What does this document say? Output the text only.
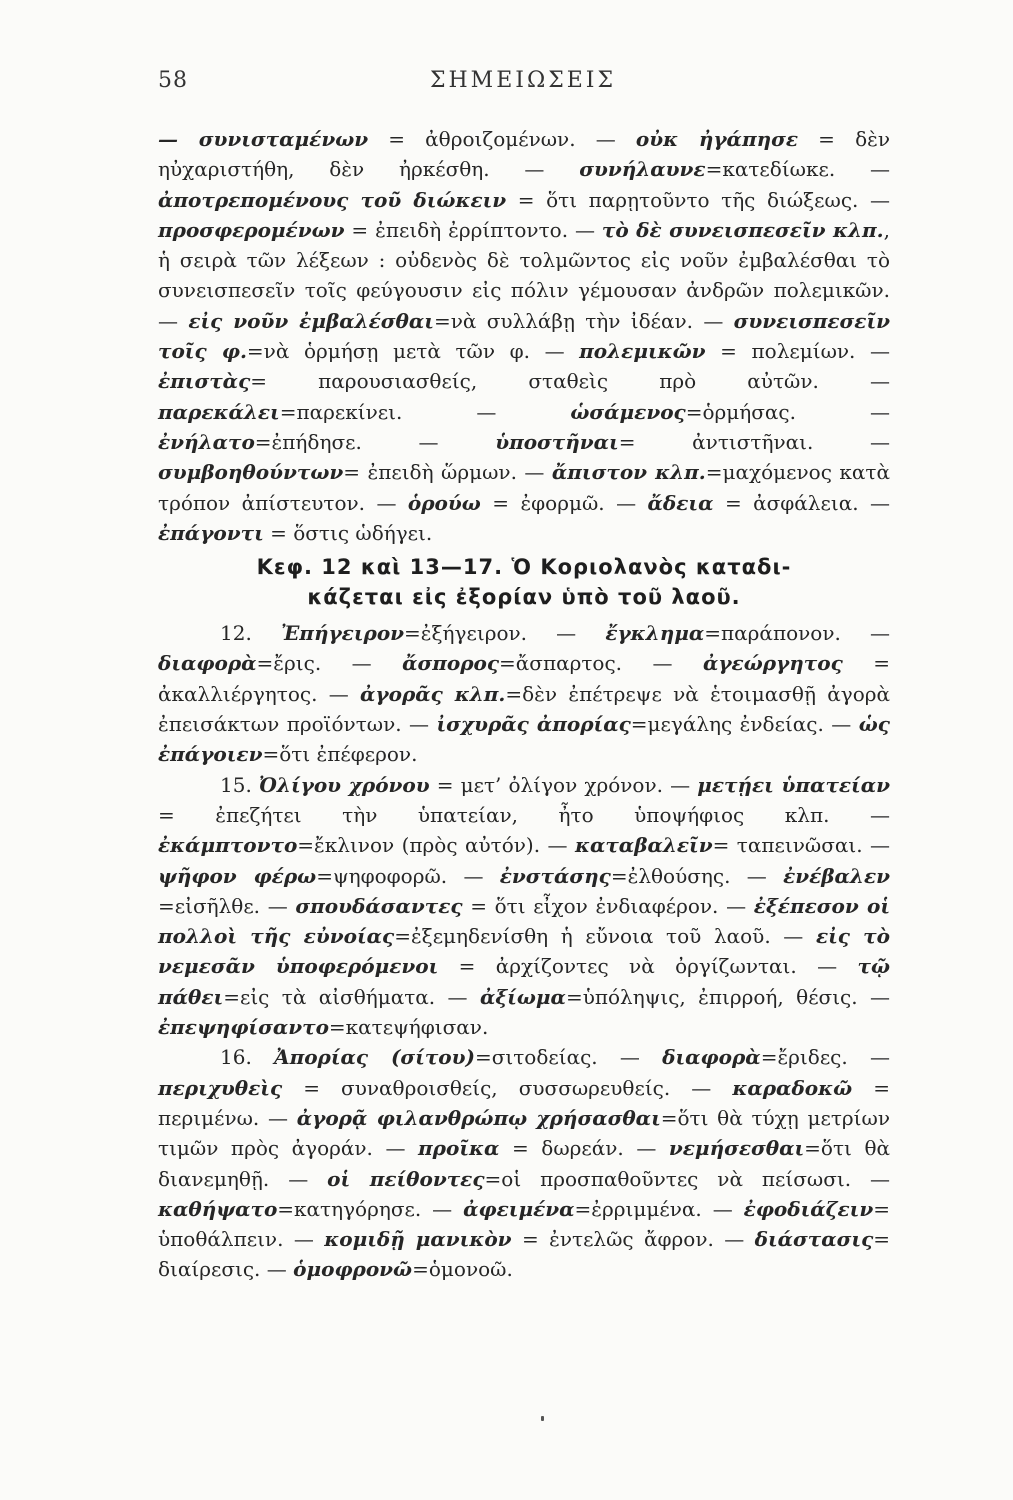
58	ΣΗΜΕΙΩΣΕΙΣ

— συνισταμένων = ἀθροιζομένων. — οὐκ ἠγάπησε = δὲν ηὐχαριστήθη, δὲν ἠρκέσθη. — συνήλαυνε=κατεδίωκε. — ἀποτρεπομένους τοῦ διώκειν = ὅτι παρῃτοῦντο τῆς διώξεως. — προσφερομένων = ἐπειδὴ ἐρρίπτοντο. — τὸ δὲ συνεισπεσεῖν κλπ., ἡ σειρὰ τῶν λέξεων : οὐδενὸς δὲ τολμῶντος εἰς νοῦν ἐμβαλέσθαι τὸ συνεισπεσεῖν τοῖς φεύγουσιν εἰς πόλιν γέμουσαν ἀνδρῶν πολεμικῶν. — εἰς νοῦν ἐμβαλέσθαι=νὰ συλλάβῃ τὴν ἰδέαν. — συνεισπεσεῖν τοῖς φ.=νὰ ὁρμήσῃ μετὰ τῶν φ. — πολεμικῶν = πολεμίων. — ἐπιστὰς= παρουσιασθείς, σταθεὶς πρὸ αὐτῶν. — παρεκάλει=παρεκίνει. — ὡσάμενος=ὁρμήσας. — ἐνήλατο=ἐπήδησε. — ὑποστῆναι= ἀντιστῆναι. — συμβοηθούντων= ἐπειδὴ ὥρμων. — ἄπιστον κλπ.=μαχόμενος κατὰ τρόπον ἀπίστευτον. — ὁρούω = ἐφορμῶ. — ἄδεια = ἀσφάλεια. — ἐπάγοντι = ὅστις ὡδήγει.

Κεφ. 12 καὶ 13—17. Ὁ Κοριολανὸς καταδι-
κάζεται εἰς ἐξορίαν ὑπὸ τοῦ λαοῦ.

12. Ἐπήγειρον=ἐξήγειρον. — ἔγκλημα=παράπονον. — διαφορὰ=ἔρις. — ἄσπορος=ἄσπαρτος. — ἀγεώργητος = ἀκαλλιέργητος. — ἀγορᾶς κλπ.=δὲν ἐπέτρεψε νὰ ἑτοιμασθῇ ἀγορὰ ἐπεισάκτων προϊόντων. — ἰσχυρᾶς ἀπορίας=μεγάλης ἐνδείας. — ὡς ἐπάγοιεν=ὅτι ἐπέφερον.

15. Ὀλίγου χρόνου = μετ’ ὀλίγον χρόνον. — μετῄει ὑπατείαν = ἐπεζήτει τὴν ὑπατείαν, ἦτο ὑποψήφιος κλπ. — ἐκάμπτοντο=ἔκλινον (πρὸς αὐτόν). — καταβαλεῖν= ταπεινῶσαι. — ψῆφον φέρω=ψηφοφορῶ. — ἐνστάσης=ἐλθούσης. — ἐνέβαλεν =εἰσῆλθε. — σπουδάσαντες = ὅτι εἶχον ἐνδιαφέρον. — ἐξέπεσον οἱ πολλοὶ τῆς εὐνοίας=ἐξεμηδενίσθη ἡ εὔνοια τοῦ λαοῦ. — εἰς τὸ νεμεσᾶν ὑποφερόμενοι = ἀρχίζοντες νὰ ὀργίζωνται. — τῷ πάθει=εἰς τὰ αἰσθήματα. — ἀξίωμα=ὑπόληψις, ἐπιρροή, θέσις. — ἐπεψηφίσαντο=κατεψήφισαν.

16. Ἀπορίας (σίτου)=σιτοδείας. — διαφορὰ=ἔριδες. — περιχυθεὶς = συναθροισθείς, συσσωρευθείς. — καραδοκῶ = περιμένω. — ἀγορᾷ φιλανθρώπῳ χρήσασθαι=ὅτι θὰ τύχῃ μετρίων τιμῶν πρὸς ἀγοράν. — προῖκα = δωρεάν. — νεμήσεσθαι=ὅτι θὰ διανεμηθῇ. — οἱ πείθοντες=οἱ προσπαθοῦντες νὰ πείσωσι. — καθήψατο=κατηγόρησε. — ἀφειμένα=ἐρριμμένα. — ἐφοδιάζειν= ὑποθάλπειν. — κομιδῇ μανικὸν = ἐντελῶς ἄφρον. — διάστασις= διαίρεσις. — ὁμοφρονῶ=ὁμονοῶ.
